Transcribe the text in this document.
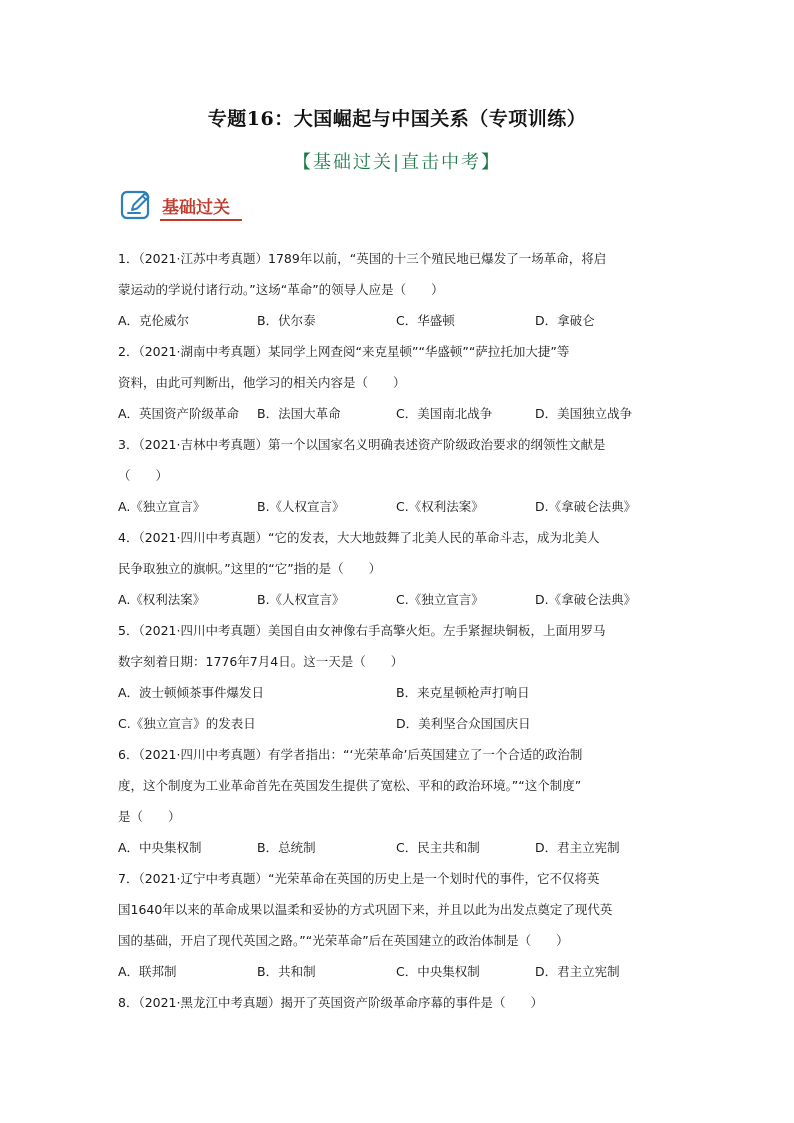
专题16：大国崛起与中国关系（专项训练）
【基础过关|直击中考】
基础过关
1．（2021·江苏中考真题）1789年以前，“英国的十三个殖民地已爆发了一场革命，将启
蒙运动的学说付诸行动。”这场“革命”的领导人应是（　　）
A．克伦威尔	B．伏尔泰	C．华盛顿	D．拿破仑
2．（2021·湖南中考真题）某同学上网查阅“来克星顿”“华盛顿”“萨拉托加大捷”等
资料，由此可判断出，他学习的相关内容是（　　）
A．英国资产阶级革命 B．法国大革命	C．美国南北战争	D．美国独立战争
3．（2021·吉林中考真题）第一个以国家名义明确表述资产阶级政治要求的纲领性文献是
（　　）
A.《独立宣言》	B.《人权宣言》	C.《权利法案》	D.《拿破仑法典》
4．（2021·四川中考真题）“它的发表，大大地鼓舞了北美人民的革命斗志，成为北美人
民争取独立的旗帜。”这里的“它”指的是（　　）
A.《权利法案》	B.《人权宣言》	C.《独立宣言》	D.《拿破仑法典》
5．（2021·四川中考真题）美国自由女神像右手高擎火炬。左手紧握块铜板，上面用罗马
数字刻着日期：1776年7月4日。这一天是（　　）
A．波士顿倾茶事件爆发日	B．来克星顿枪声打响日
C.《独立宣言》的发表日	D．美利坚合众国国庆日
6．（2021·四川中考真题）有学者指出：“‘光荣革命’后英国建立了一个合适的政治制
度，这个制度为工业革命首先在英国发生提供了宽松、平和的政治环境。”“这个制度”
是（　　）
A．中央集权制	B．总统制	C．民主共和制	D．君主立宪制
7．（2021·辽宁中考真题）“光荣革命在英国的历史上是一个划时代的事件，它不仅将英
国1640年以来的革命成果以温柔和妥协的方式巩固下来，并且以此为出发点奠定了现代英
国的基础，开启了现代英国之路。”“光荣革命”后在英国建立的政治体制是（　　）
A．联邦制	B．共和制	C．中央集权制	D．君主立宪制
8．（2021·黑龙江中考真题）揭开了英国资产阶级革命序幕的事件是（　　）
